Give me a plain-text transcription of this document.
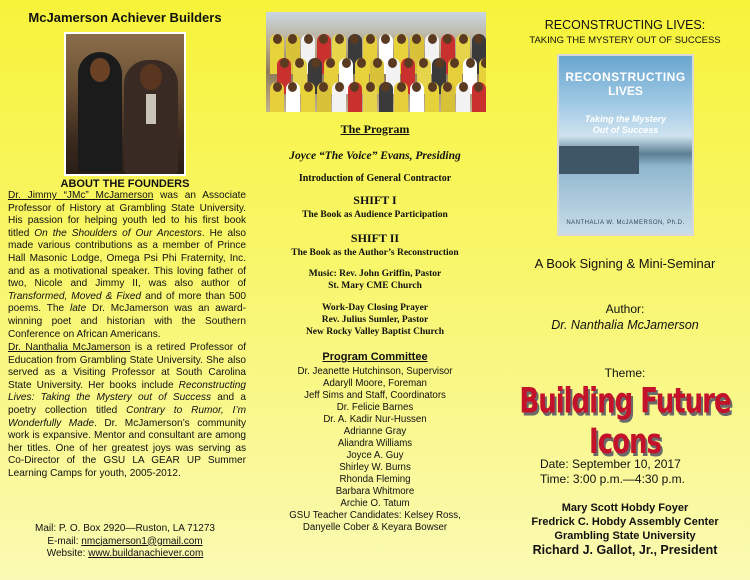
McJamerson Achiever Builders
ABOUT THE FOUNDERS
Dr. Jimmy “JMc” McJamerson was an Associate Professor of History at Grambling State University. His passion for helping youth led to his first book titled On the Shoulders of Our Ancestors. He also made various contributions as a member of Prince Hall Masonic Lodge, Omega Psi Phi Fraternity, Inc. and as a motivational speaker. This loving father of two, Nicole and Jimmy II, was also author of Transformed, Moved & Fixed and of more than 500 poems. The late Dr. McJamerson was an award-winning poet and historian with the Southern Conference on African Americans.
Dr. Nanthalia McJamerson is a retired Professor of Education from Grambling State University. She also served as a Visiting Professor at South Carolina State University. Her books include Reconstructing Lives: Taking the Mystery out of Success and a poetry collection titled Contrary to Rumor, I’m Wonderfully Made. Dr. McJamerson’s community work is expansive. Mentor and consultant are among her titles. One of her greatest joys was serving as Co-Director of the GSU LA GEAR UP Summer Learning Camps for youth, 2005-2012.
Mail: P. O. Box 2920—Ruston, LA 71273
E-mail: nmcjamerson1@gmail.com
Website: www.buildanachiever.com
The Program
Joyce “The Voice” Evans, Presiding
Introduction of General Contractor
SHIFT I
The Book as Audience Participation
SHIFT II
The Book as the Author’s Reconstruction
Music: Rev. John Griffin, Pastor
St. Mary CME Church
Work-Day Closing Prayer
Rev. Julius Sumler, Pastor
New Rocky Valley Baptist Church
Program Committee
Dr. Jeanette Hutchinson, Supervisor
Adaryll Moore, Foreman
Jeff Sims and Staff, Coordinators
Dr. Felicie Barnes
Dr. A. Kadir Nur-Hussen
Adrianne Gray
Aliandra Williams
Joyce A. Guy
Shirley W. Burns
Rhonda Fleming
Barbara Whitmore
Archie O. Tatum
GSU Teacher Candidates: Kelsey Ross,
Danyelle Cober & Keyara Bowser
RECONSTRUCTING LIVES:
TAKING THE MYSTERY OUT OF SUCCESS
RECONSTRUCTING
LIVES
Taking the Mystery
Out of Success
NANTHALIA W. McJAMERSON, Ph.D.
A Book Signing & Mini-Seminar
Author:
Dr. Nanthalia McJamerson
Theme:
Building Future Icons
Date: September 10, 2017
Time: 3:00 p.m.—4:30 p.m.
Mary Scott Hobdy Foyer
Fredrick C. Hobdy Assembly Center
Grambling State University
Richard J. Gallot, Jr., President
